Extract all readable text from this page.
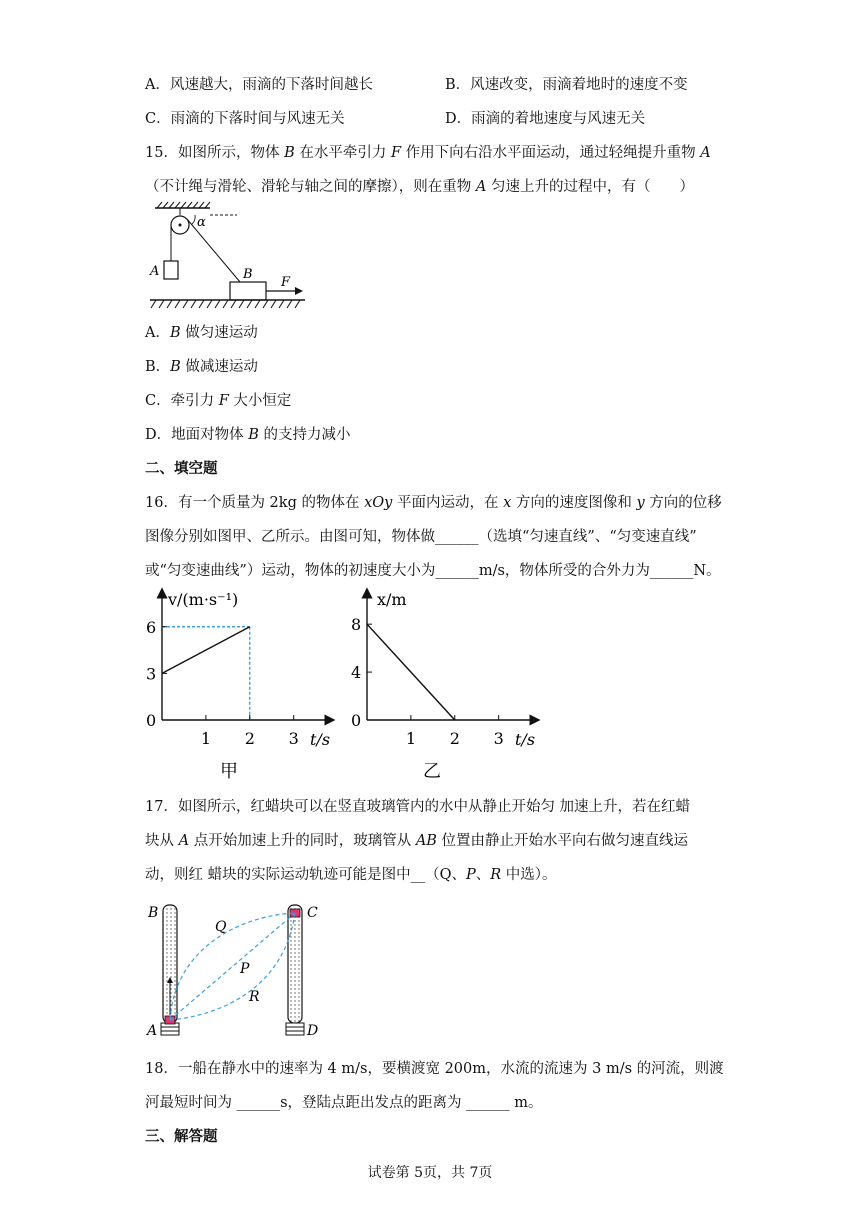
A．风速越大，雨滴的下落时间越长	B．风速改变，雨滴着地时的速度不变
C．雨滴的下落时间与风速无关	D．雨滴的着地速度与风速无关
15．如图所示，物体 B 在水平牵引力 F 作用下向右沿水平面运动，通过轻绳提升重物 A
（不计绳与滑轮、滑轮与轴之间的摩擦），则在重物 A 匀速上升的过程中，有（　　）
A
α
B
F
A．B 做匀速运动
B．B 做减速运动
C．牵引力 F 大小恒定
D．地面对物体 B 的支持力减小
二、填空题
16．有一个质量为 2kg 的物体在 xOy 平面内运动，在 x 方向的速度图像和 y 方向的位移
图像分别如图甲、乙所示。由图可知，物体做______（选填“匀速直线”、“匀变速直线”
或“匀变速曲线”）运动，物体的初速度大小为______m/s，物体所受的合外力为______N。
1 2 3
6
3
0
v/(m·s⁻¹)
t/s
甲
1 2 3
8
4
0
x/m
t/s
乙
17．如图所示，红蜡块可以在竖直玻璃管内的水中从静止开始匀 加速上升，若在红蜡
块从 A 点开始加速上升的同时，玻璃管从 AB 位置由静止开始水平向右做匀速直线运
动，则红 蜡块的实际运动轨迹可能是图中__（Q、P、R 中选）。
B
A
C
D
Q
P
R
18．一船在静水中的速率为 4 m/s，要横渡宽 200m，水流的流速为 3 m/s 的河流，则渡
河最短时间为 ______s，登陆点距出发点的距离为 ______ m。
三、解答题
试卷第 5页，共 7页
